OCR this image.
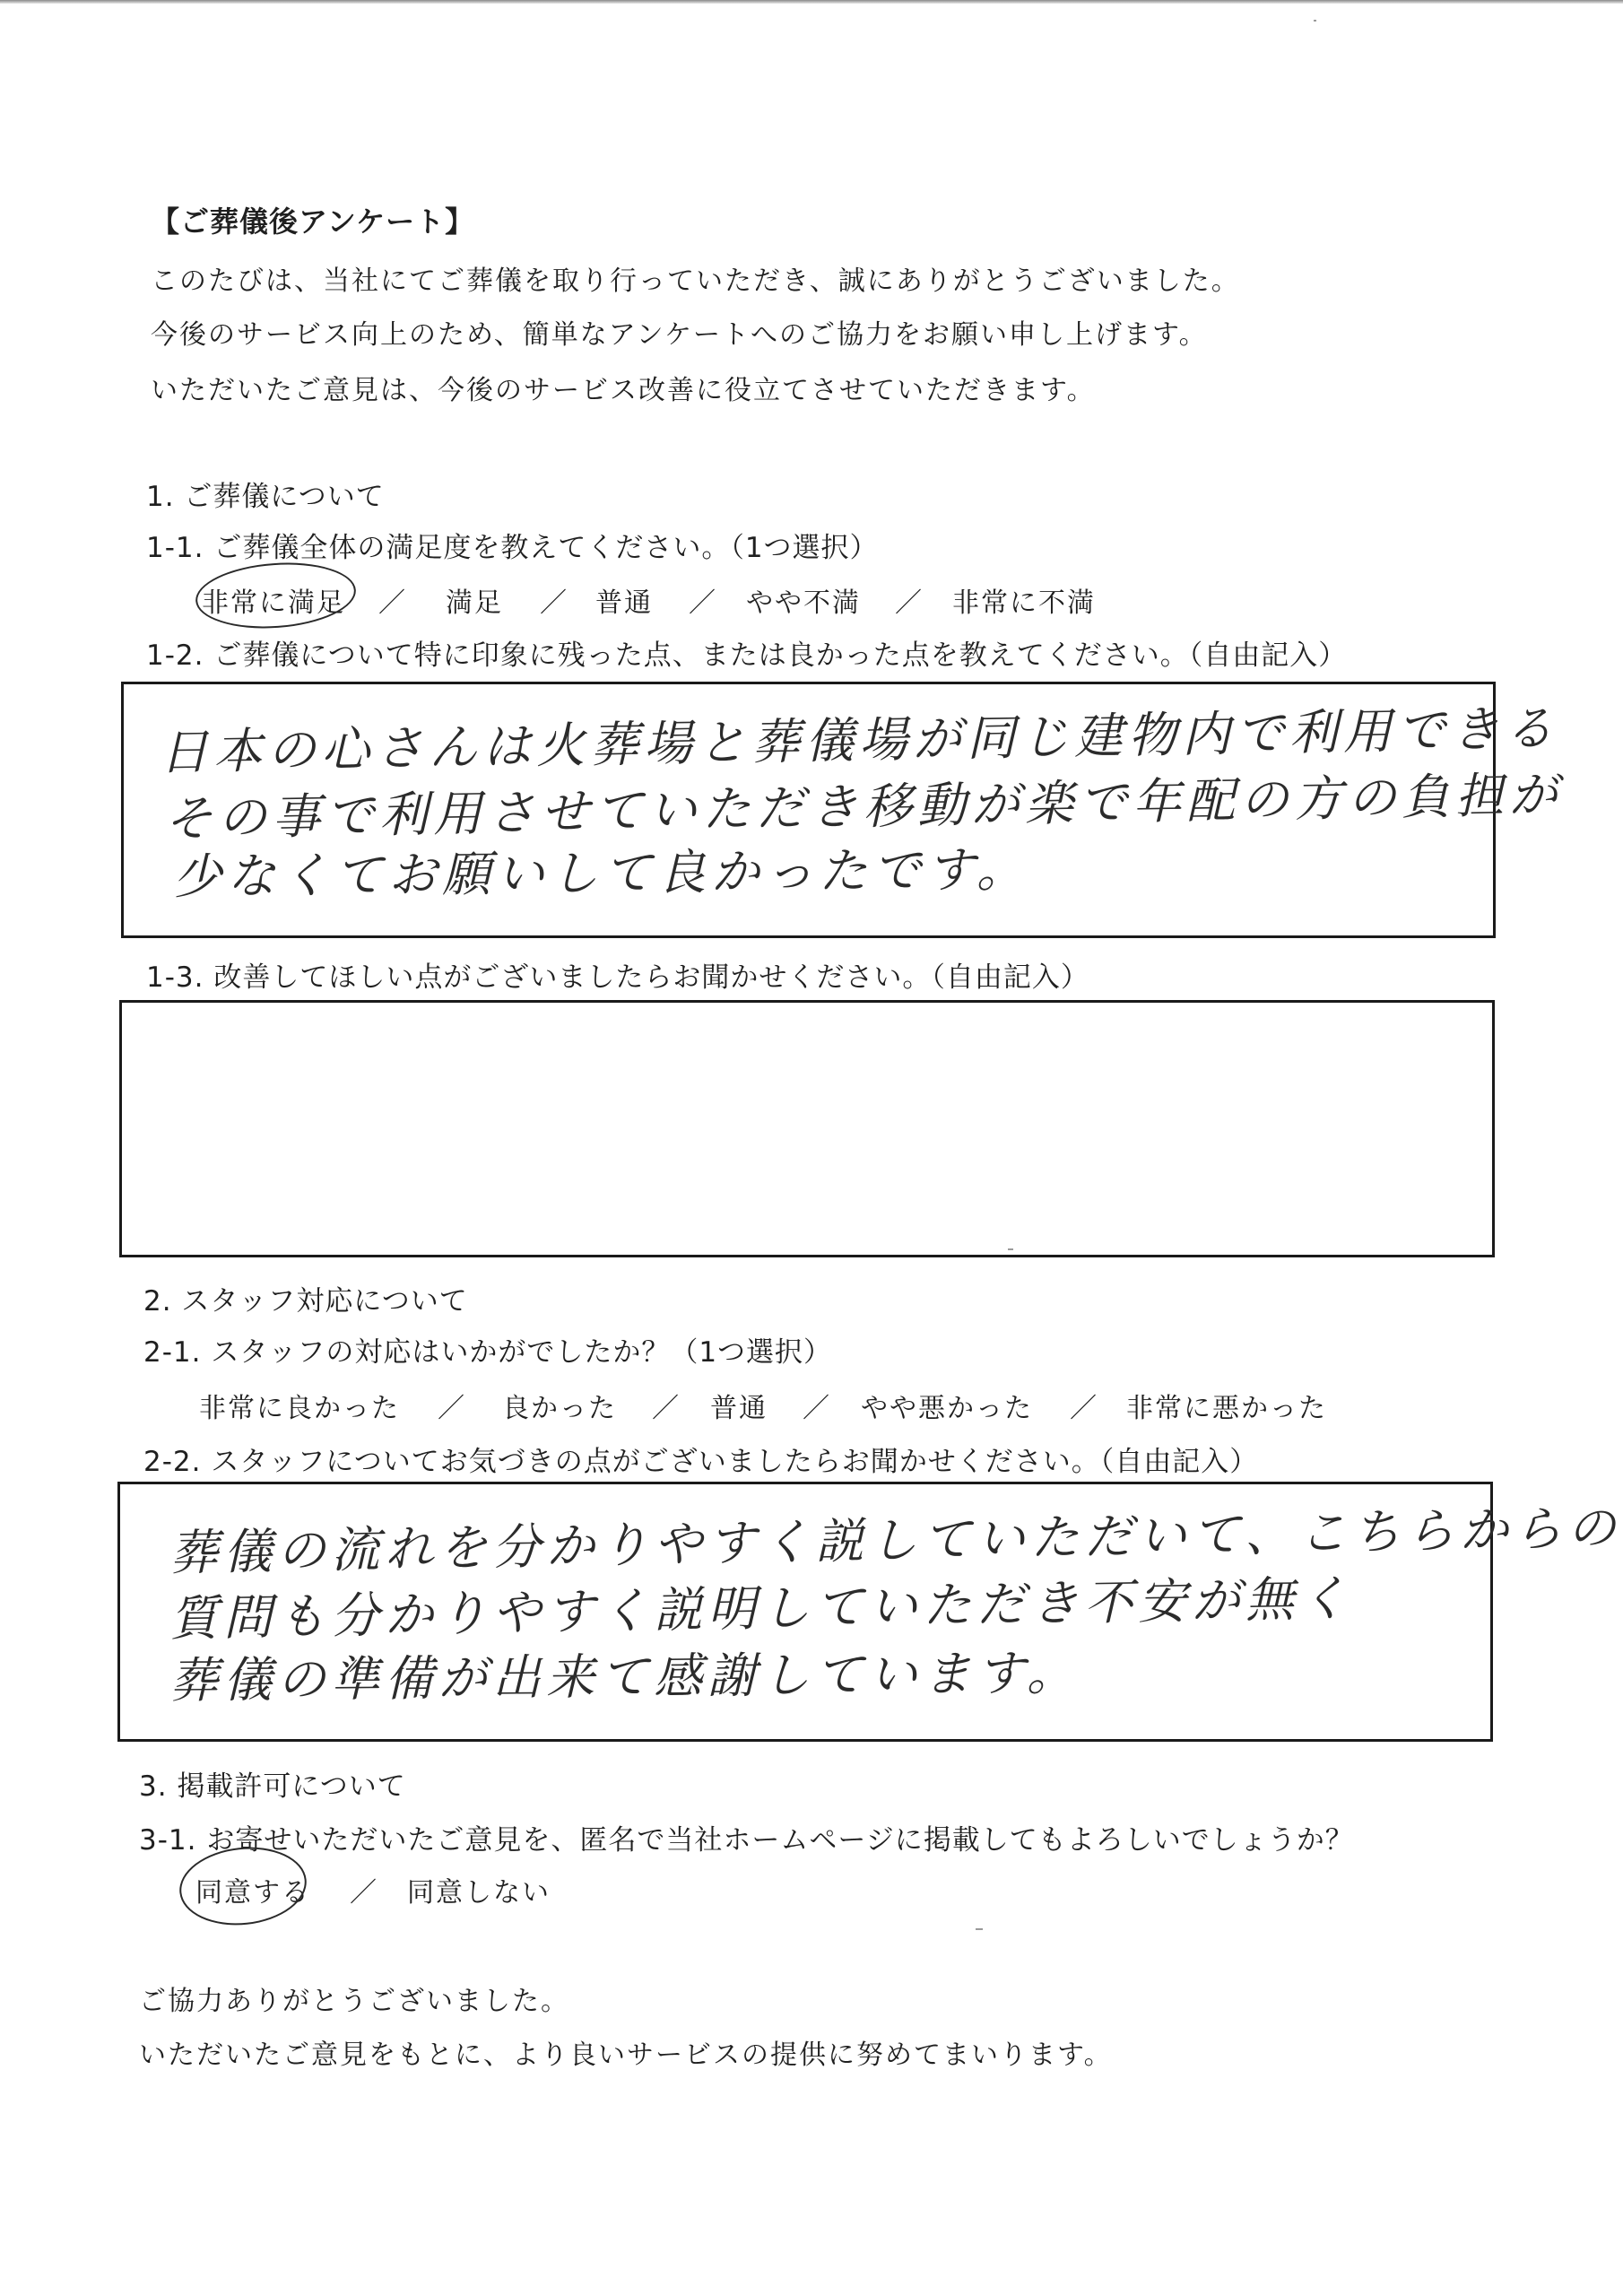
【ご葬儀後アンケート】
このたびは、当社にてご葬儀を取り行っていただき、誠にありがとうございました。
今後のサービス向上のため、簡単なアンケートへのご協力をお願い申し上げます。
いただいたご意見は、今後のサービス改善に役立てさせていただきます。
1. ご葬儀について
1-1. ご葬儀全体の満足度を教えてください。（1つ選択）
非常に満足 ／ 満足 ／ 普通 ／ やや不満 ／ 非常に不満
1-2. ご葬儀について特に印象に残った点、または良かった点を教えてください。（自由記入）
日本の心さんは火葬場と葬儀場が同じ建物内で利用できる
その事で利用させていただき移動が楽で年配の方の負担が
少なくてお願いして良かったです。
1-3. 改善してほしい点がございましたらお聞かせください。（自由記入）
2. スタッフ対応について
2-1. スタッフの対応はいかがでしたか？（1つ選択）
非常に良かった ／ 良かった ／ 普通 ／ やや悪かった ／ 非常に悪かった
2-2. スタッフについてお気づきの点がございましたらお聞かせください。（自由記入）
葬儀の流れを分かりやすく説していただいて、こちらからの
質問も分かりやすく説明していただき不安が無く
葬儀の準備が出来て感謝しています。
3. 掲載許可について
3-1. お寄せいただいたご意見を、匿名で当社ホームページに掲載してもよろしいでしょうか？
同意する ／ 同意しない
ご協力ありがとうございました。
いただいたご意見をもとに、より良いサービスの提供に努めてまいります。
